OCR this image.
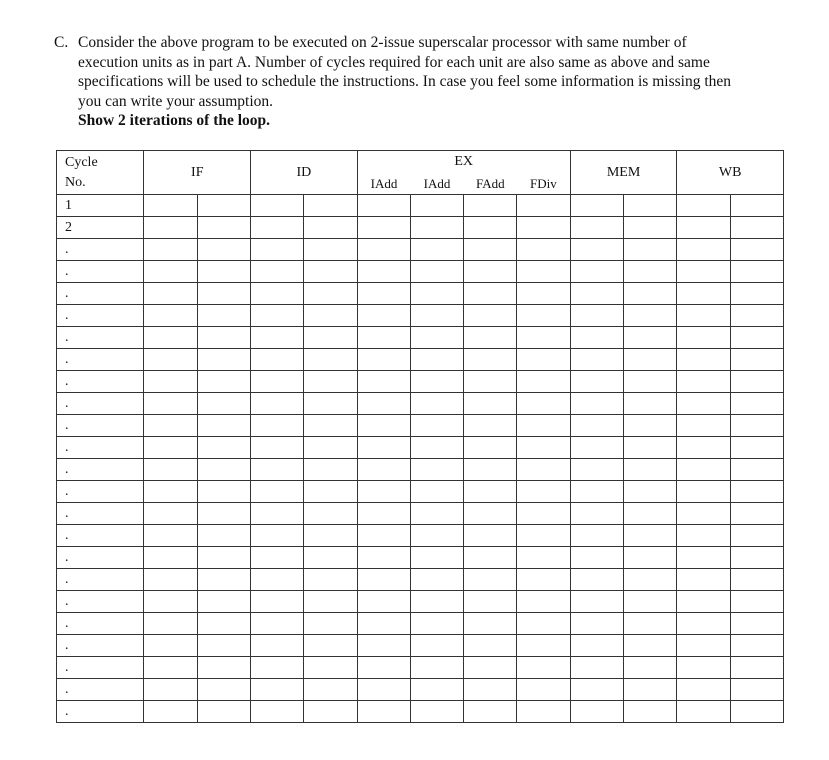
C. Consider the above program to be executed on 2-issue superscalar processor with same number of
execution units as in part A. Number of cycles required for each unit are also same as above and same
specifications will be used to schedule the instructions. In case you feel some information is missing then
you can write your assumption.
Show 2 iterations of the loop.
Cycle
No.	IF		ID		EX				MEM		WB	
					IAdd	IAdd	FAdd	FDiv				
1												
2												
.												
.												
.												
.												
.												
.												
.												
.												
.												
.												
.												
.												
.												
.												
.												
.												
.												
.												
.												
.												
.												
.												
